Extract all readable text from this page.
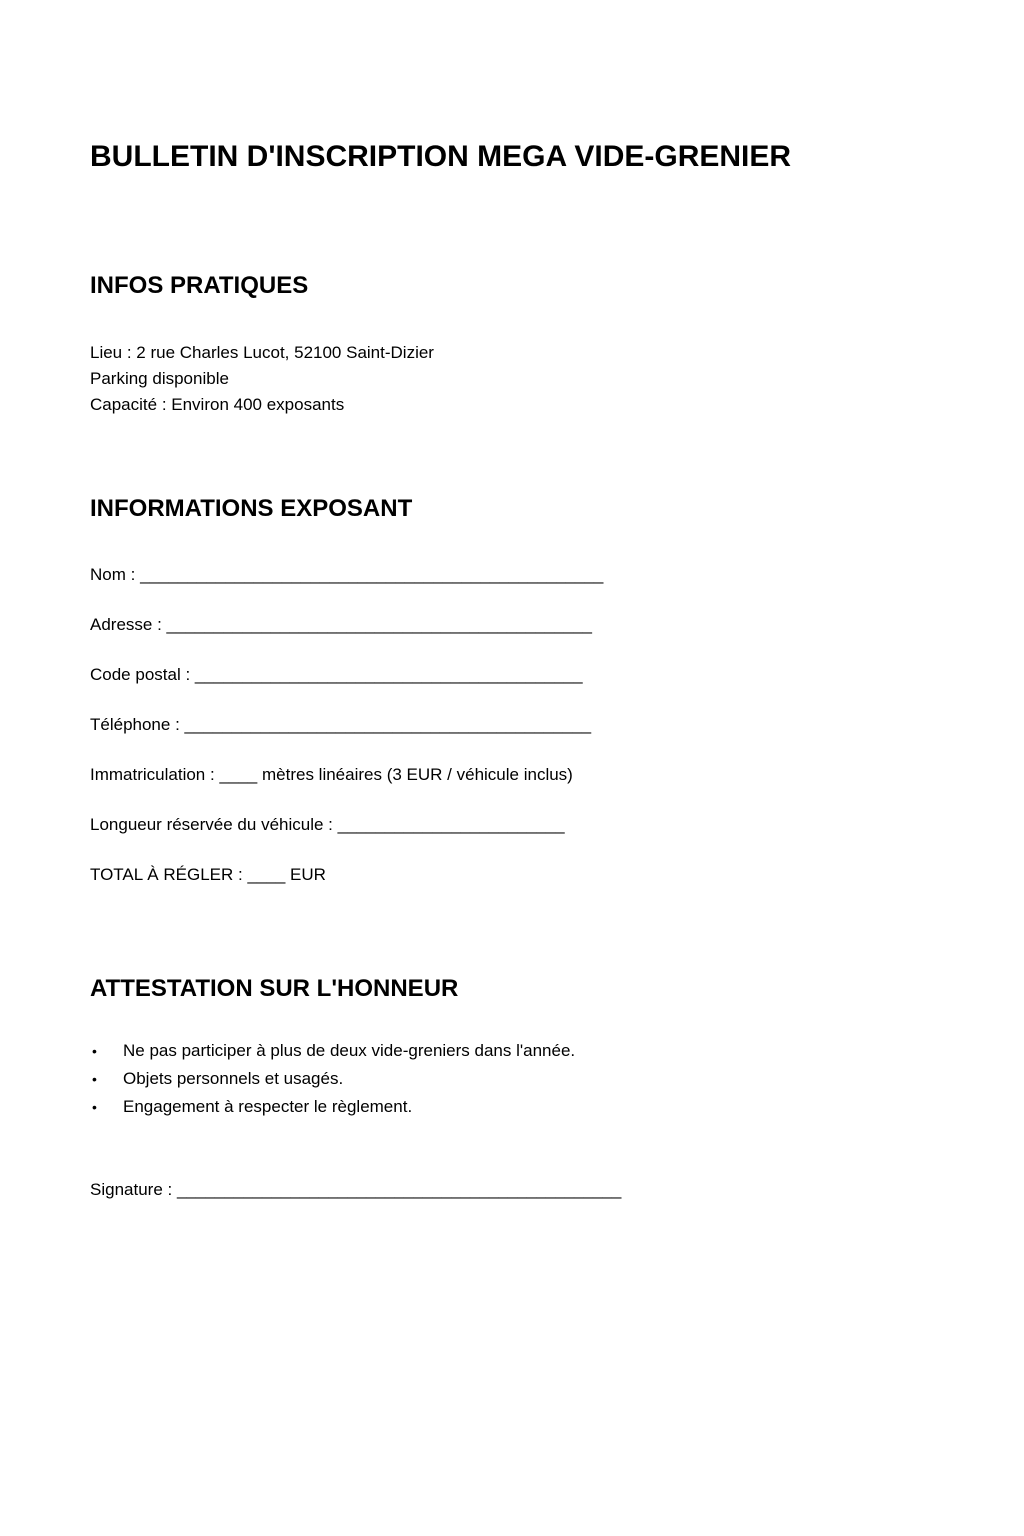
BULLETIN D'INSCRIPTION MEGA VIDE-GRENIER
INFOS PRATIQUES

Lieu : 2 rue Charles Lucot, 52100 Saint-Dizier

Parking disponible

Capacité : Environ 400 exposants

INFORMATIONS EXPOSANT

Nom : _________________________________________________

Adresse : _____________________________________________

Code postal : _________________________________________

Téléphone : ___________________________________________

Immatriculation : ____ mètres linéaires (3 EUR / véhicule inclus)

Longueur réservée du véhicule : ________________________

TOTAL À RÉGLER : ____ EUR

ATTESTATION SUR L'HONNEUR
• Ne pas participer à plus de deux vide-greniers dans l'année.
• Objets personnels et usagés.
• Engagement à respecter le règlement.

Signature : _______________________________________________
